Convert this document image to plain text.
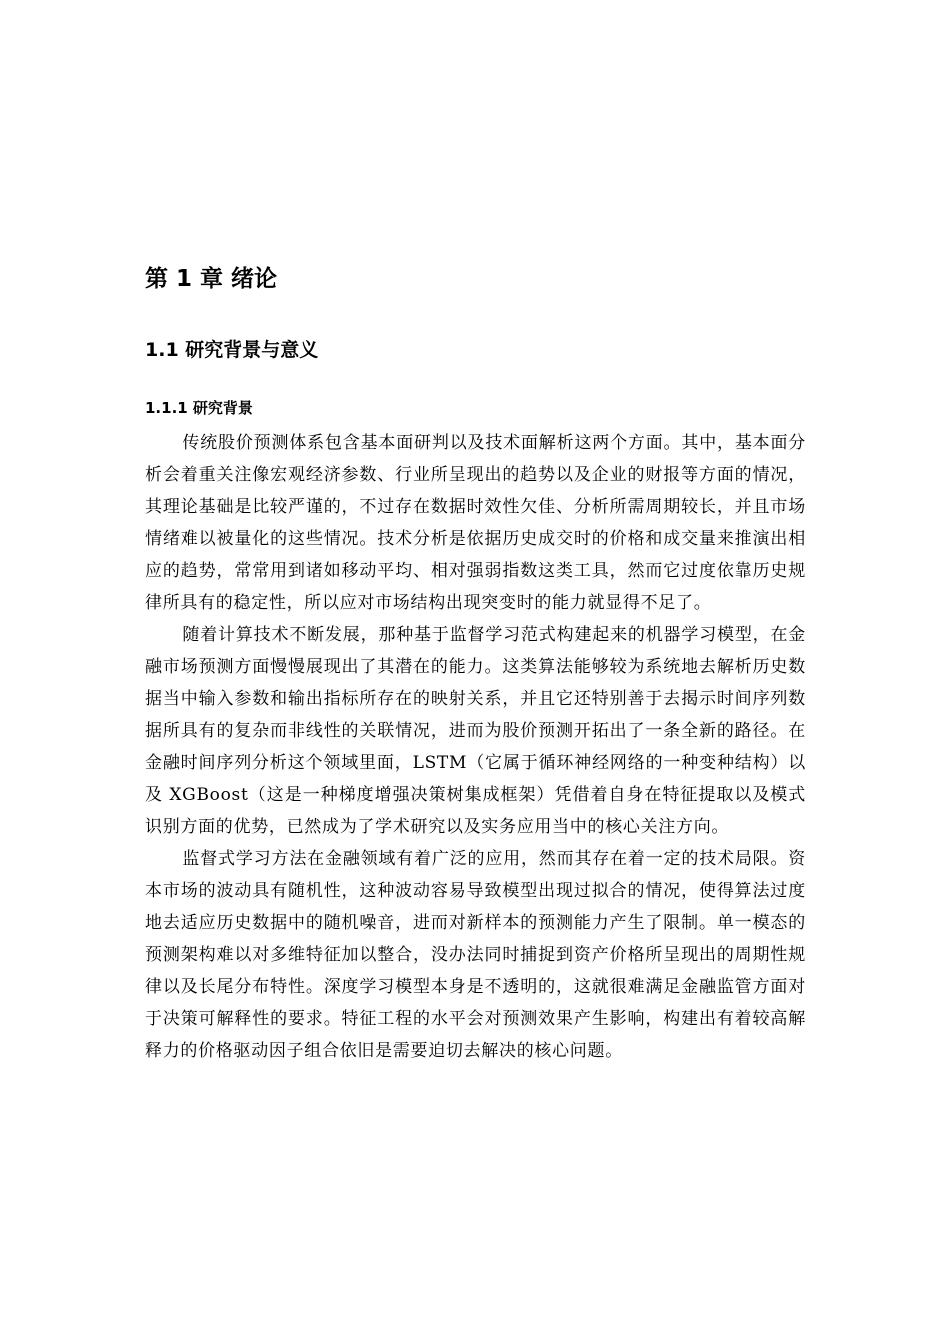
第 1 章 绪论
1.1 研究背景与意义
1.1.1 研究背景

传统股价预测体系包含基本面研判以及技术面解析这两个方面。其中，基本面分析会着重关注像宏观经济参数、行业所呈现出的趋势以及企业的财报等方面的情况，其理论基础是比较严谨的，不过存在数据时效性欠佳、分析所需周期较长，并且市场情绪难以被量化的这些情况。技术分析是依据历史成交时的价格和成交量来推演出相应的趋势，常常用到诸如移动平均、相对强弱指数这类工具，然而它过度依靠历史规律所具有的稳定性，所以应对市场结构出现突变时的能力就显得不足了。

随着计算技术不断发展，那种基于监督学习范式构建起来的机器学习模型，在金融市场预测方面慢慢展现出了其潜在的能力。这类算法能够较为系统地去解析历史数据当中输入参数和输出指标所存在的映射关系，并且它还特别善于去揭示时间序列数据所具有的复杂而非线性的关联情况，进而为股价预测开拓出了一条全新的路径。在金融时间序列分析这个领域里面，LSTM（它属于循环神经网络的一种变种结构）以及 XGBoost（这是一种梯度增强决策树集成框架）凭借着自身在特征提取以及模式识别方面的优势，已然成为了学术研究以及实务应用当中的核心关注方向。

监督式学习方法在金融领域有着广泛的应用，然而其存在着一定的技术局限。资本市场的波动具有随机性，这种波动容易导致模型出现过拟合的情况，使得算法过度地去适应历史数据中的随机噪音，进而对新样本的预测能力产生了限制。单一模态的预测架构难以对多维特征加以整合，没办法同时捕捉到资产价格所呈现出的周期性规律以及长尾分布特性。深度学习模型本身是不透明的，这就很难满足金融监管方面对于决策可解释性的要求。特征工程的水平会对预测效果产生影响，构建出有着较高解释力的价格驱动因子组合依旧是需要迫切去解决的核心问题。
